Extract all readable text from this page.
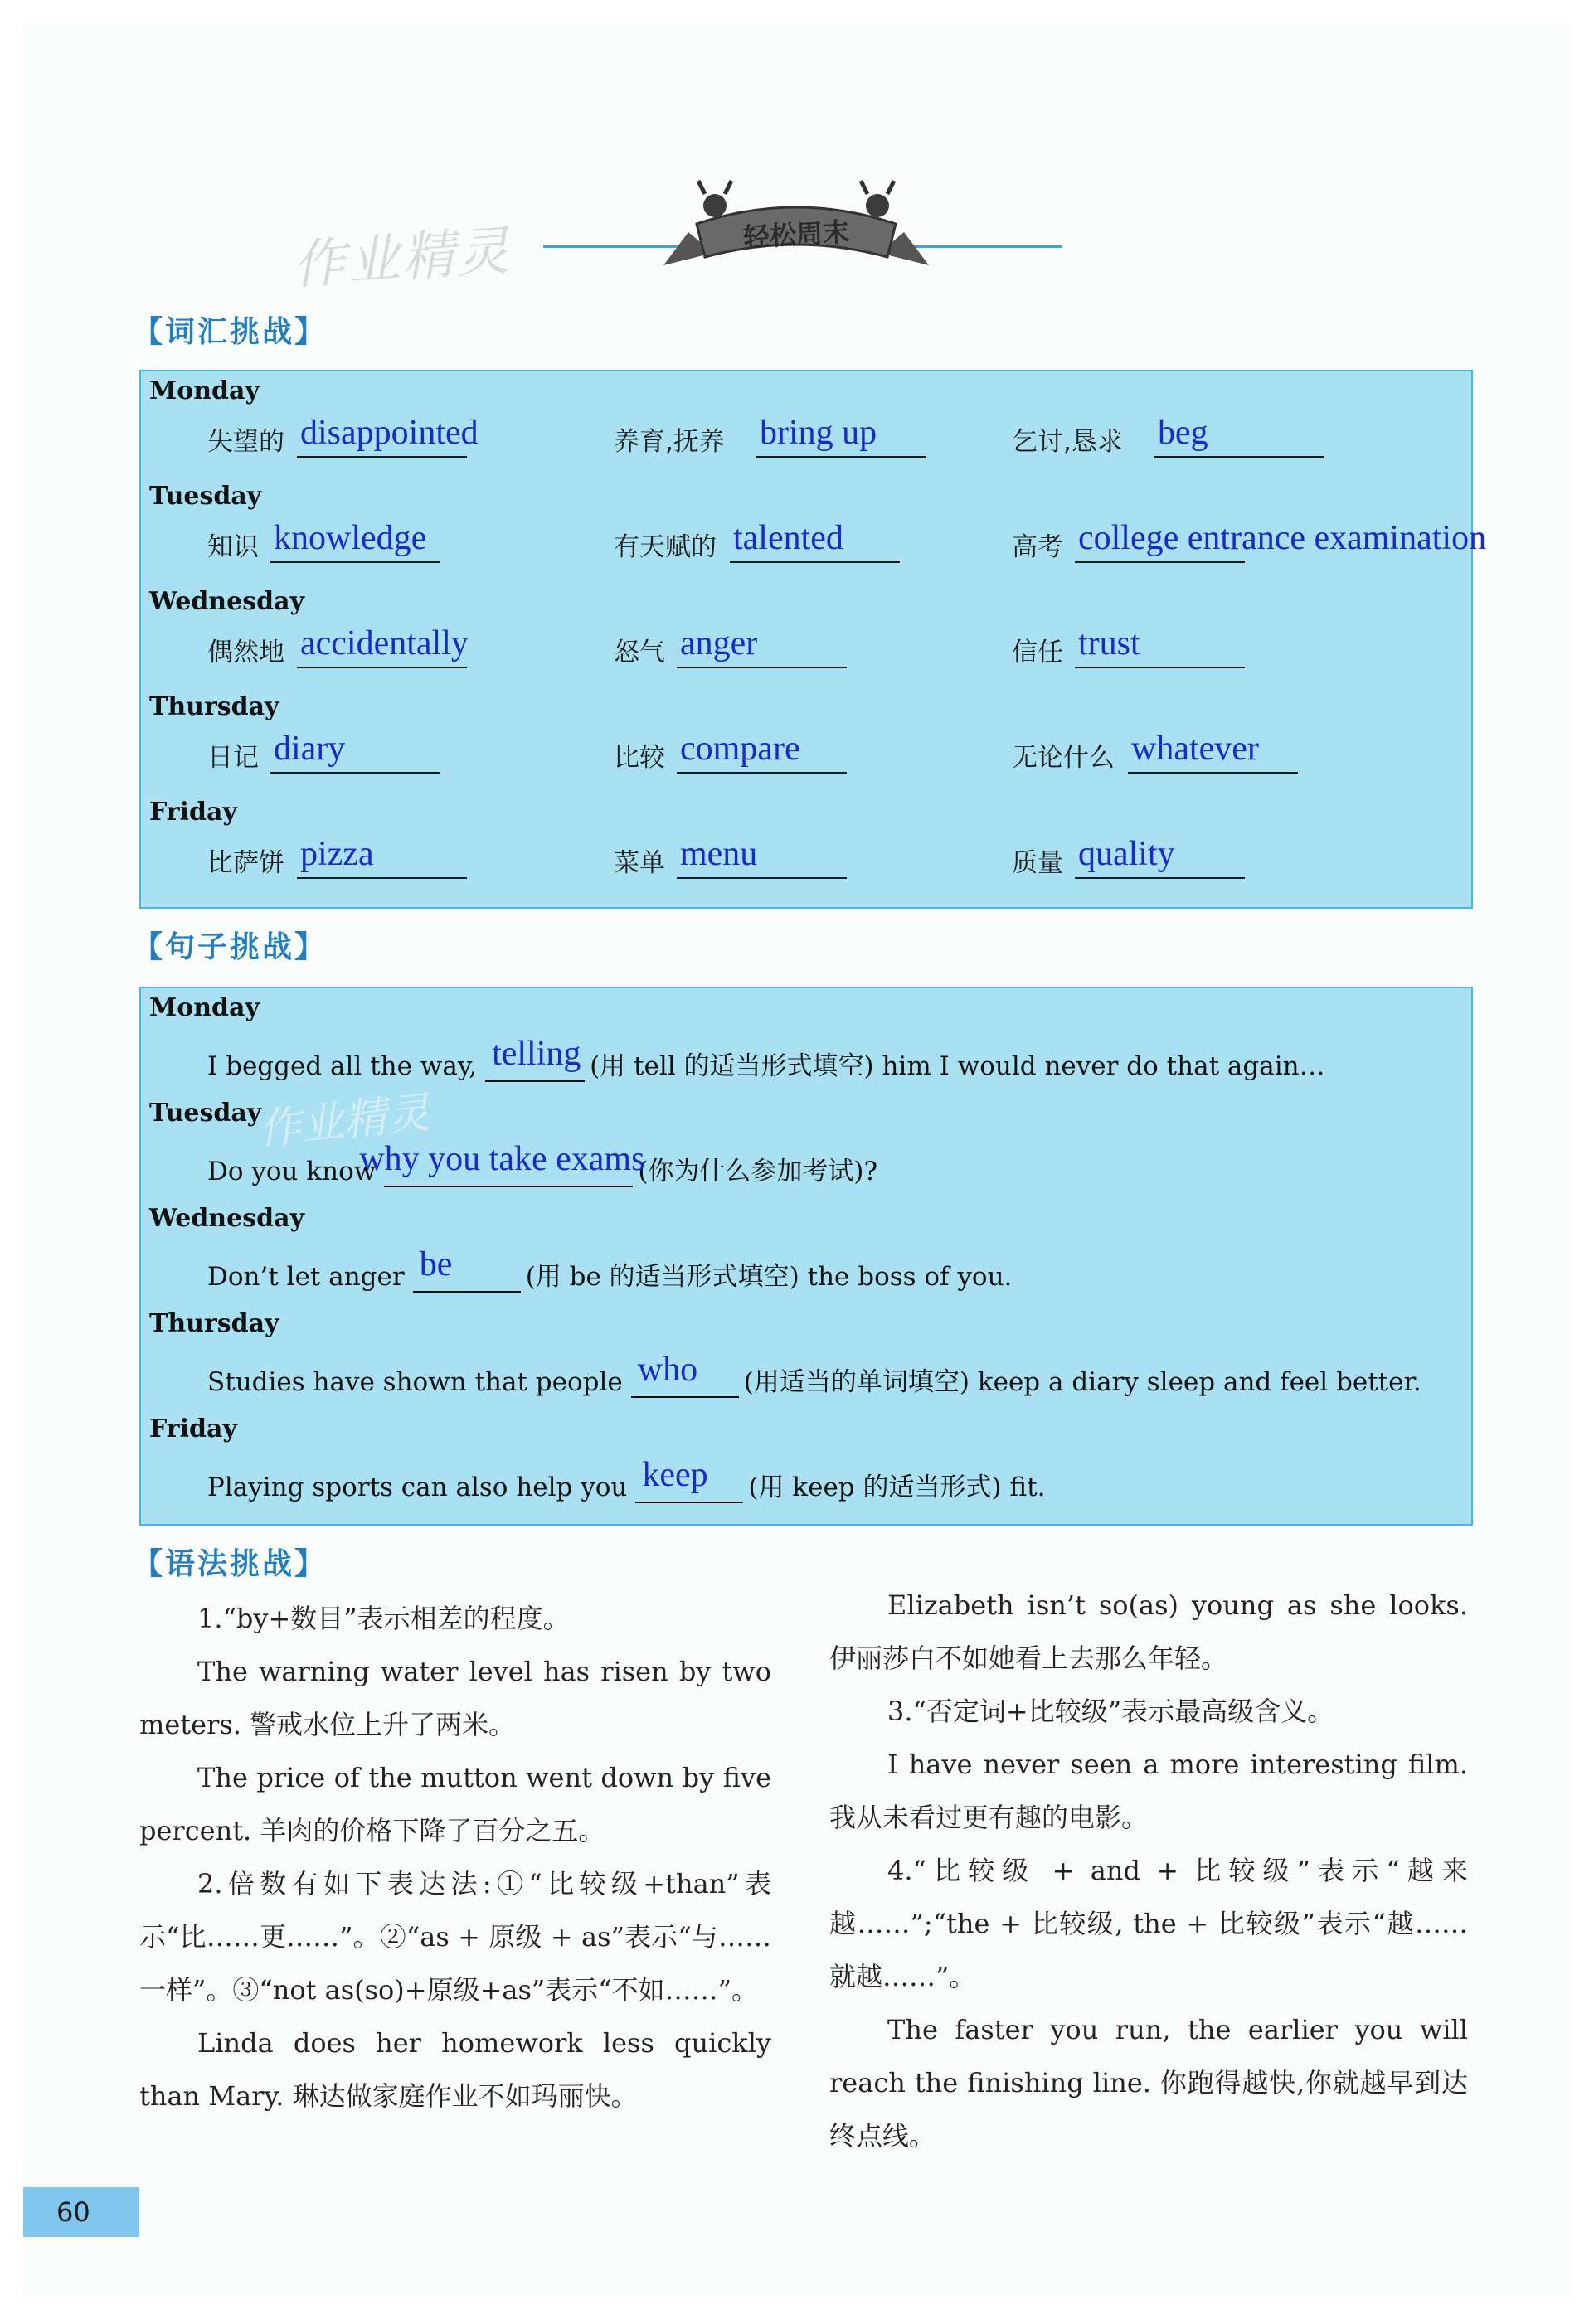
作业精灵	轻松周末
【词汇挑战】
Monday
失望的 disappointed	养育,抚养 bring up	乞讨,恳求 beg
Tuesday
知识 knowledge	有天赋的 talented	高考 college entrance examination
Wednesday
偶然地 accidentally	怒气 anger	信任 trust
Thursday
日记 diary	比较 compare	无论什么 whatever
Friday
比萨饼 pizza	菜单 menu	质量 quality
【句子挑战】
Monday
I begged all the way, telling (用 tell 的适当形式填空) him I would never do that again…
Tuesday
Do you know
why you take exams
(你为什么参加考试)?
Wednesday
Don’t let anger be	(用 be 的适当形式填空) the boss of you.
Thursday
Studies have shown that people who (用适当的单词填空) keep a diary sleep and feel better.
Friday
Playing sports can also help you keep (用 keep 的适当形式) fit.
作业精灵
【语法挑战】

1.“by+数目”表示相差的程度。

The warning water level has risen by two meters. 警戒水位上升了两米。

The price of the mutton went down by five percent. 羊肉的价格下降了百分之五。

2.倍数有如下表达法:①“比较级+than”表示“比……更……”。②“as + 原级 + as”表示“与……一样”。③“not as(so)+原级+as”表示“不如……”。

Linda does her homework less quickly than Mary. 琳达做家庭作业不如玛丽快。

Elizabeth isn’t so(as) young as she looks. 伊丽莎白不如她看上去那么年轻。

3.“否定词+比较级”表示最高级含义。

I have never seen a more interesting film. 我从未看过更有趣的电影。

4.“比较级 + and + 比较级”表示“越来越……”;“the + 比较级, the + 比较级”表示“越……就越……”。

The faster you run, the earlier you will reach the finishing line. 你跑得越快,你就越早到达终点线。

60
